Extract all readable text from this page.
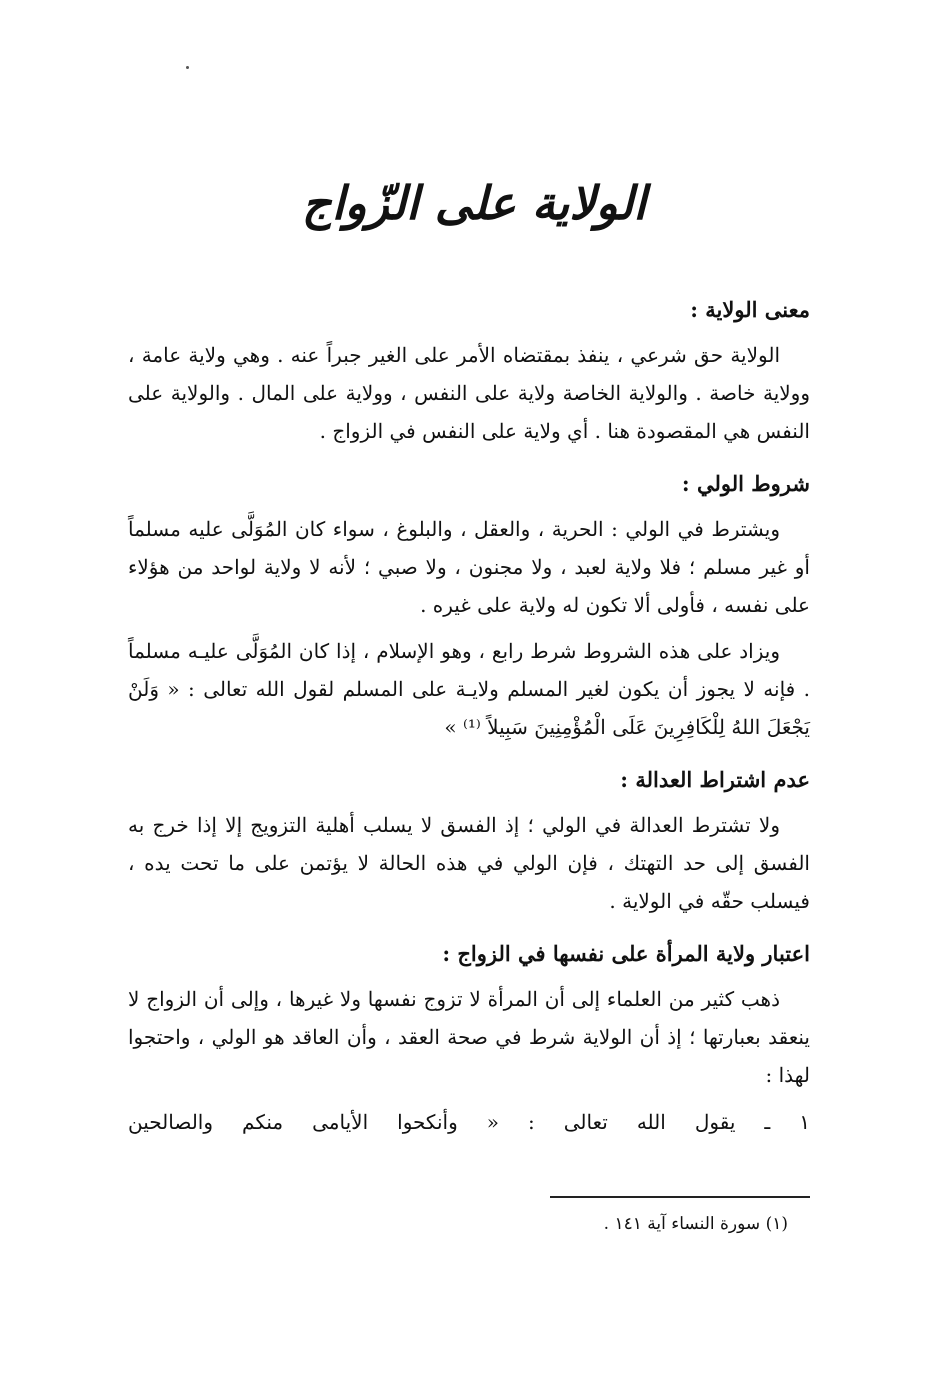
الولاية على الزّواج
معنى الولاية :

الولاية حق شرعي ، ينفذ بمقتضاه الأمر على الغير جبراً عنه . وهي ولاية عامة ، وولاية خاصة . والولاية الخاصة ولاية على النفس ، وولاية على المال . والولاية على النفس هي المقصودة هنا . أي ولاية على النفس في الزواج .

شروط الولي :

ويشترط في الولي : الحرية ، والعقل ، والبلوغ ، سواء كان المُوَلَّى عليه مسلماً أو غير مسلم ؛ فلا ولاية لعبد ، ولا مجنون ، ولا صبي ؛ لأنه لا ولاية لواحد من هؤلاء على نفسه ، فأولى ألا تكون له ولاية على غيره .

ويزاد على هذه الشروط شرط رابع ، وهو الإسلام ، إذا كان المُوَلَّى عليـه مسلماً . فإنه لا يجوز أن يكون لغير المسلم ولايـة على المسلم لقول الله تعالى : « وَلَنْ يَجْعَلَ اللهُ لِلْكَافِرِينَ عَلَى الْمُؤْمِنِينَ سَبِيلاً ⁽¹⁾ »

عدم اشتراط العدالة :

ولا تشترط العدالة في الولي ؛ إذ الفسق لا يسلب أهلية التزويج إلا إذا خرج به الفسق إلى حد التهتك ، فإن الولي في هذه الحالة لا يؤتمن على ما تحت يده ، فيسلب حقّه في الولاية .

اعتبار ولاية المرأة على نفسها في الزواج :

ذهب كثير من العلماء إلى أن المرأة لا تزوج نفسها ولا غيرها ، وإلى أن الزواج لا ينعقد بعبارتها ؛ إذ أن الولاية شرط في صحة العقد ، وأن العاقد هو الولي ، واحتجوا لهذا :

١ ـ يقول الله تعالى : « وأنكحوا الأيامى منكم والصالحين

(١) سورة النساء آية ١٤١ .
